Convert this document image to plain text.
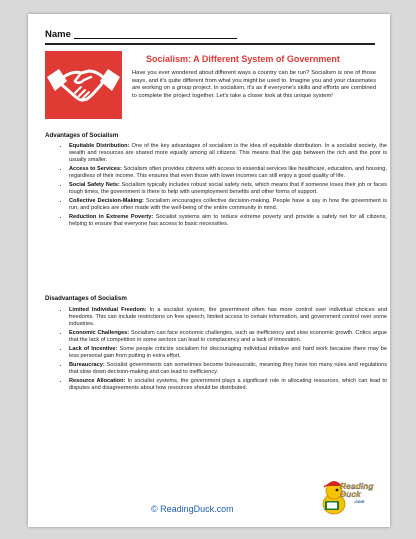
Name
Socialism: A Different System of Government
Have you ever wondered about different ways a country can be run? Socialism is one of those ways, and it's quite different from what you might be used to. Imagine you and your classmates are working on a group project. In socialism, it's as if everyone's skills and efforts are combined to complete the project together. Let's take a closer look at this unique system!
Advantages of Socialism
• Equitable Distribution: One of the key advantages of socialism is the idea of equitable distribution. In a socialist society, the wealth and resources are shared more equally among all citizens. This means that the gap between the rich and the poor is usually smaller.
• Access to Services: Socialism often provides citizens with access to essential services like healthcare, education, and housing, regardless of their income. This ensures that even those with lower incomes can still enjoy a good quality of life.
• Social Safety Nets: Socialism typically includes robust social safety nets, which means that if someone loses their job or faces tough times, the government is there to help with unemployment benefits and other forms of support.
• Collective Decision-Making: Socialism encourages collective decision-making. People have a say in how the government is run, and policies are often made with the well-being of the entire community in mind.
• Reduction in Extreme Poverty: Socialist systems aim to reduce extreme poverty and provide a safety net for all citizens, helping to ensure that everyone has access to basic necessities.
Disadvantages of Socialism
• Limited Individual Freedom: In a socialist system, the government often has more control over individual choices and freedoms. This can include restrictions on free speech, limited access to certain information, and government control over some industries.
• Economic Challenges: Socialism can face economic challenges, such as inefficiency and slow economic growth. Critics argue that the lack of competition in some sectors can lead to complacency and a lack of innovation.
• Lack of Incentive: Some people criticize socialism for discouraging individual initiative and hard work because there may be less personal gain from putting in extra effort.
• Bureaucracy: Socialist governments can sometimes become bureaucratic, meaning they have too many rules and regulations that slow down decision-making and can lead to inefficiency.
• Resource Allocation: In socialist systems, the government plays a significant role in allocating resources, which can lead to disputes and disagreements about how resources should be distributed.
© ReadingDuck.com
Reading
Duck
.com
